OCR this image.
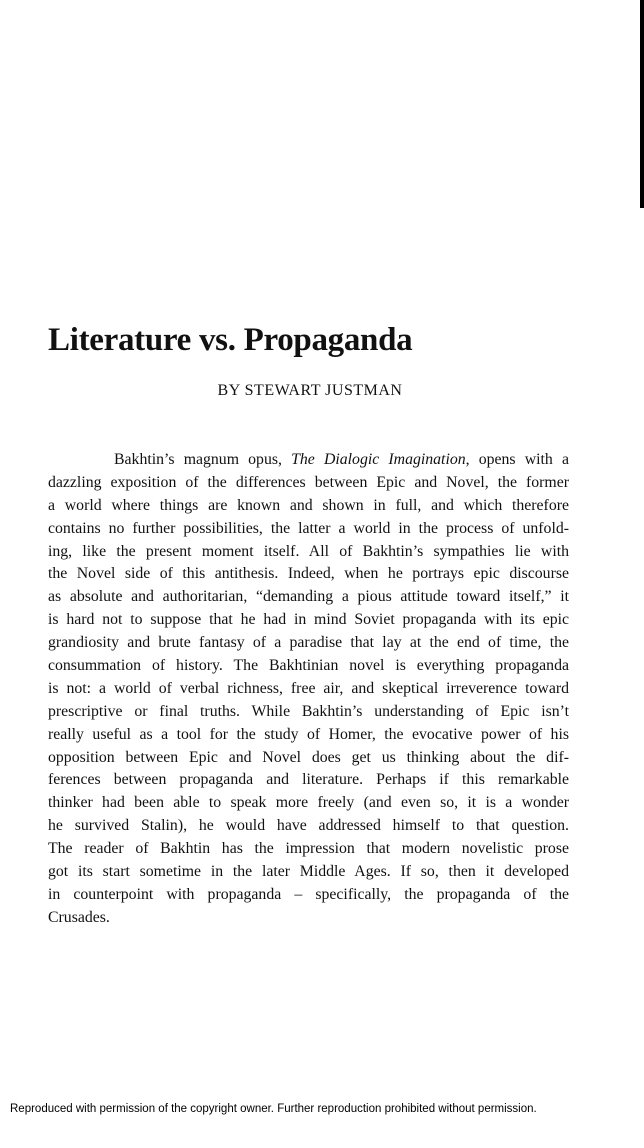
Literature vs. Propaganda
BY STEWART JUSTMAN
Bakhtin’s magnum opus, The Dialogic Imagination, opens with a
dazzling exposition of the differences between Epic and Novel, the former
a world where things are known and shown in full, and which therefore
contains no further possibilities, the latter a world in the process of unfold-
ing, like the present moment itself. All of Bakhtin’s sympathies lie with
the Novel side of this antithesis. Indeed, when he portrays epic discourse
as absolute and authoritarian, “demanding a pious attitude toward itself,” it
is hard not to suppose that he had in mind Soviet propaganda with its epic
grandiosity and brute fantasy of a paradise that lay at the end of time, the
consummation of history. The Bakhtinian novel is everything propaganda
is not: a world of verbal richness, free air, and skeptical irreverence toward
prescriptive or final truths. While Bakhtin’s understanding of Epic isn’t
really useful as a tool for the study of Homer, the evocative power of his
opposition between Epic and Novel does get us thinking about the dif-
ferences between propaganda and literature. Perhaps if this remarkable
thinker had been able to speak more freely (and even so, it is a wonder
he survived Stalin), he would have addressed himself to that question.
The reader of Bakhtin has the impression that modern novelistic prose
got its start sometime in the later Middle Ages. If so, then it developed
in counterpoint with propaganda – specifically, the propaganda of the
Crusades.
Reproduced with permission of the copyright owner. Further reproduction prohibited without permission.
